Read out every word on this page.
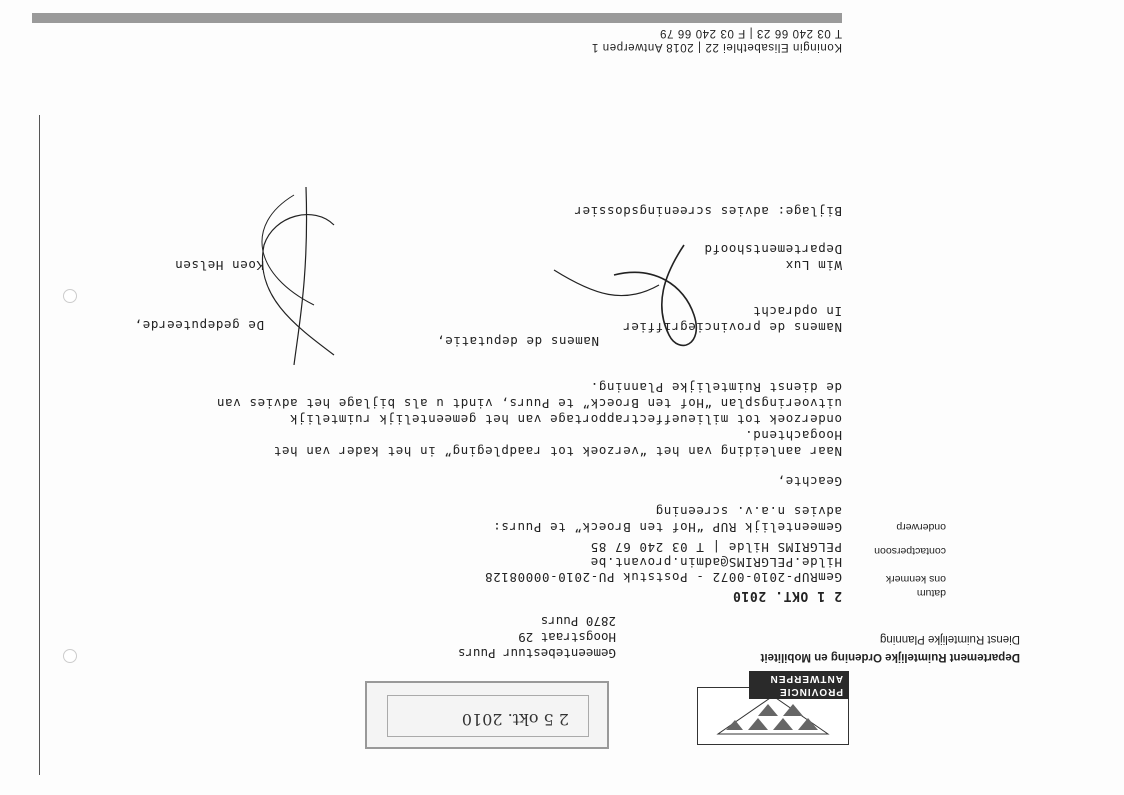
Koningin Elisabethlei 22 | 2018 Antwerpen 1
T 03 240 66 23 | F 03 240 66 79
Bijlage: advies screeningsdossier
Namens de provinciegriffier
In opdracht
Wim Lux
Departementshoofd
Namens de deputatie,
De gedeputeerde,
Koen Helsen
Hoogachtend.
de dienst Ruimtelijke Planning.
uitvoeringsplan “Hof ten Broeck” te Puurs, vindt u als bijlage het advies van
onderzoek tot milieueffectrapportage van het gemeentelijk ruimtelijk
Naar aanleiding van het “verzoek tot raadpleging” in het kader van het
Geachte,
onderwerp
Gemeentelijk RUP “Hof ten Broeck” te Puurs:
advies n.a.v. screening
contactpersoon
PELGRIMS Hilde | T 03 240 67 85
Hilde.PELGRIMS@admin.provant.be
ons kenmerk
GemRUP-2010-0072 - Poststuk PU-2010-00008128
datum
2 1 OKT. 2010
Departement Ruimtelijke Ordening en Mobiliteit
Dienst Ruimtelijke Planning
Gemeentebestuur Puurs
Hoogstraat 29
2870 Puurs
PROVINCIE
ANTWERPEN
2 5 okt. 2010
